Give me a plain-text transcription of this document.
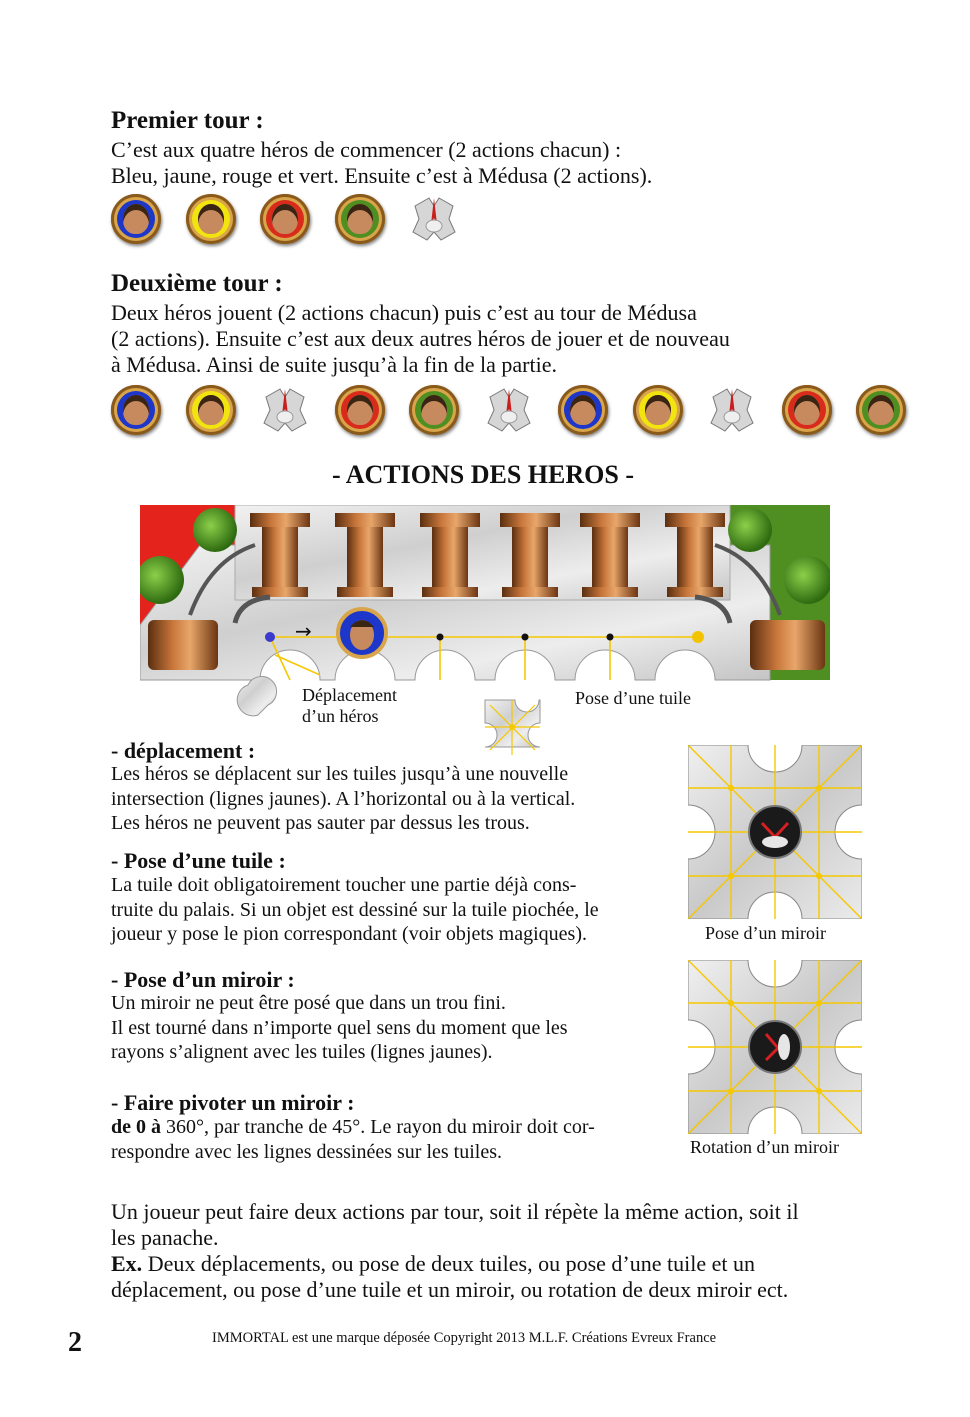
Premier tour :
C’est aux quatre héros de commencer (2 actions chacun) :
Bleu, jaune, rouge et vert. Ensuite c’est à Médusa (2 actions).
Deuxième tour :
Deux héros jouent (2 actions chacun) puis c’est au tour de Médusa
(2 actions). Ensuite c’est aux deux autres héros de jouer et de nouveau
à Médusa. Ainsi de suite jusqu’à la fin de la partie.
- ACTIONS DES HEROS -
→
Déplacement
d’un héros
Pose d’une tuile
- déplacement :
Les héros se déplacent sur les tuiles jusqu’à une nouvelle
intersection (lignes jaunes). A l’horizontal ou à la vertical.
Les héros ne peuvent pas sauter par dessus les trous.
- Pose d’une tuile :
La tuile doit obligatoirement toucher une partie déjà cons-
truite du palais. Si un objet est dessiné sur la tuile piochée, le
joueur y pose le pion correspondant (voir objets magiques).
- Pose d’un miroir :
Un miroir ne peut être posé que dans un trou fini.
Il est tourné dans n’importe quel sens du moment que les
rayons s’alignent avec les tuiles (lignes jaunes).
- Faire pivoter un miroir :
de 0 à 360°, par tranche de 45°. Le rayon du miroir doit cor-
respondre avec les lignes dessinées sur les tuiles.
Pose d’un miroir
Rotation d’un miroir
Un joueur peut faire deux actions par tour, soit il répète la même action, soit il
les panache.
Ex. Deux déplacements, ou pose de deux tuiles, ou pose d’une tuile et un
déplacement, ou pose d’une tuile et un miroir, ou rotation de deux miroir ect.
2	IMMORTAL est une marque déposée Copyright 2013 M.L.F. Créations Evreux France
